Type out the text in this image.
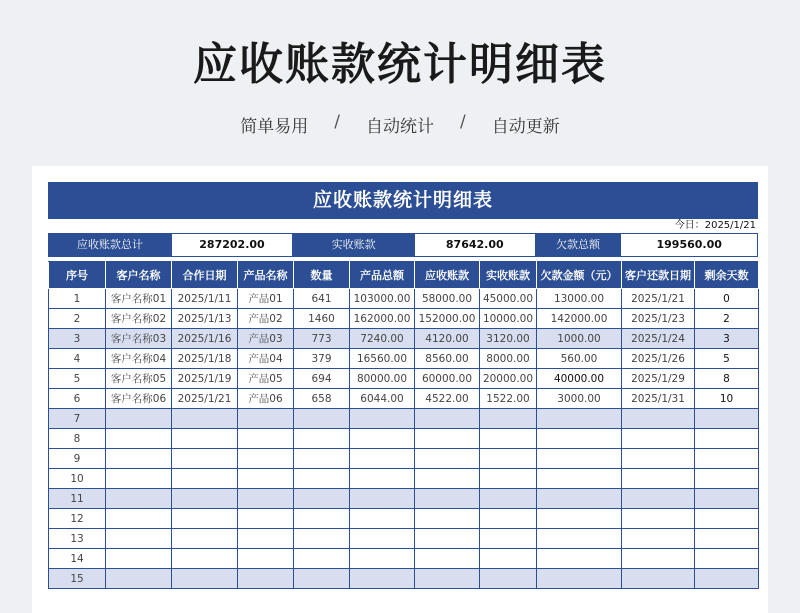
应收账款统计明细表
简单易用 / 自动统计 / 自动更新
应收账款统计明细表
今日：2025/1/21
应收账款总计	287202.00	实收账款	87642.00	欠款总额	199560.00
序号	客户名称	合作日期	产品名称	数量	产品总额	应收账款	实收账款	欠款金额（元）	客户还款日期	剩余天数
1	客户名称01	2025/1/11	产品01	641	103000.00	58000.00	45000.00	13000.00	2025/1/21	0
2	客户名称02	2025/1/13	产品02	1460	162000.00	152000.00	10000.00	142000.00	2025/1/23	2
3	客户名称03	2025/1/16	产品03	773	7240.00	4120.00	3120.00	1000.00	2025/1/24	3
4	客户名称04	2025/1/18	产品04	379	16560.00	8560.00	8000.00	560.00	2025/1/26	5
5	客户名称05	2025/1/19	产品05	694	80000.00	60000.00	20000.00	40000.00	2025/1/29	8
6	客户名称06	2025/1/21	产品06	658	6044.00	4522.00	1522.00	3000.00	2025/1/31	10
7										
8										
9										
10										
11										
12										
13										
14										
15										
